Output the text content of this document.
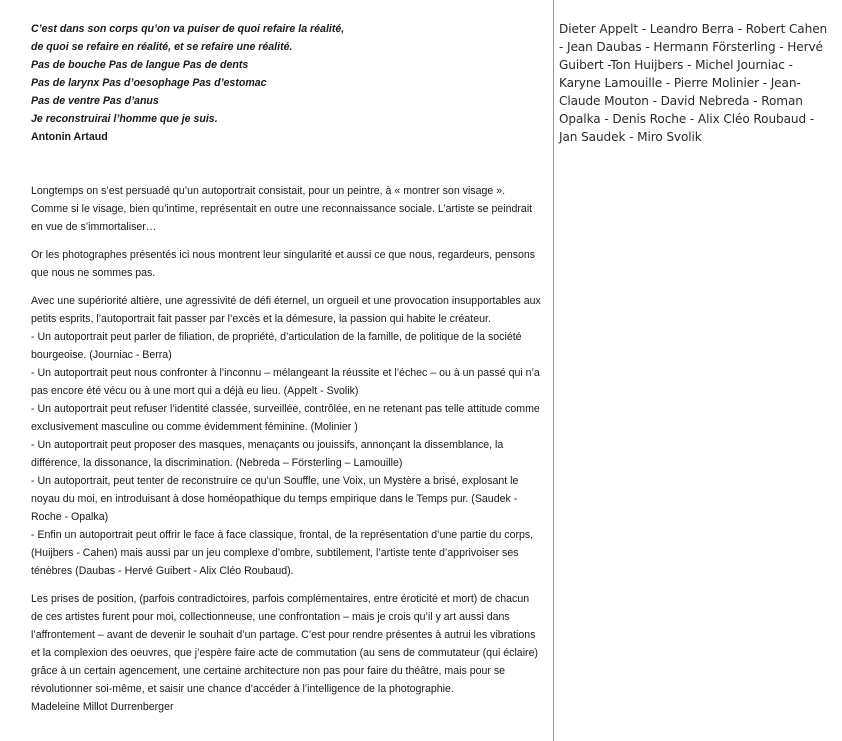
C’est dans son corps qu’on va puiser de quoi refaire la réalité,
de quoi se refaire en réalité, et se refaire une réalité.
Pas de bouche Pas de langue Pas de dents
Pas de larynx Pas d’oesophage Pas d’estomac
Pas de ventre Pas d’anus
Je reconstruirai l’homme que je suis.
Antonin Artaud

Longtemps on s’est persuadé qu’un autoportrait consistait, pour un peintre, à « montrer son visage ». Comme si le visage, bien qu’intime, représentait en outre une reconnaissance sociale. L’artiste se peindrait en vue de s’immortaliser…

Or les photographes présentés ici nous montrent leur singularité et aussi ce que nous, regardeurs, pensons que nous ne sommes pas.

Avec une supériorité altière, une agressivité de défi éternel, un orgueil et une provocation insupportables aux petits esprits, l’autoportrait fait passer par l’excès et la démesure, la passion qui habite le créateur.
- Un autoportrait peut parler de filiation, de propriété, d’articulation de la famille, de politique de la société bourgeoise. (Journiac - Berra)
- Un autoportrait peut nous confronter à l’inconnu – mélangeant la réussite et l’échec – ou à un passé qui n’a pas encore été vécu ou à une mort qui a déjà eu lieu. (Appelt - Svolik)
- Un autoportrait peut refuser l’identité classée, surveillée, contrôlée, en ne retenant pas telle attitude comme exclusivement masculine ou comme évidemment féminine. (Molinier )
- Un autoportrait peut proposer des masques, menaçants ou jouissifs, annonçant la dissemblance, la différence, la dissonance, la discrimination. (Nebreda – Försterling – Lamouille)
- Un autoportrait, peut tenter de reconstruire ce qu’un Souffle, une Voix, un Mystère a brisé, explosant le noyau du moi, en introduisant à dose homéopathique du temps empirique dans le Temps pur. (Saudek - Roche - Opalka)
- Enfin un autoportrait peut offrir le face à face classique, frontal, de la représentation d’une partie du corps, (Huijbers - Cahen) mais aussi par un jeu complexe d’ombre, subtilement, l’artiste tente d’apprivoiser ses ténèbres (Daubas - Hervé Guibert - Alix Cléo Roubaud).

Les prises de position, (parfois contradictoires, parfois complémentaires, entre éroticité et mort) de chacun de ces artistes furent pour moi, collectionneuse, une confrontation – mais je crois qu’il y art aussi dans l’affrontement – avant de devenir le souhait d’un partage. C’est pour rendre présentes à autrui les vibrations et la complexion des oeuvres, que j’espère faire acte de commutation (au sens de commutateur (qui éclaire) grâce à un certain agencement, une certaine architecture non pas pour faire du théâtre, mais pour se révolutionner soi-même, et saisir une chance d’accéder à l’intelligence de la photographie.
Madeleine Millot Durrenberger

Dieter Appelt - Leandro Berra - Robert Cahen - Jean Daubas - Hermann Försterling - Hervé Guibert -Ton Huijbers - Michel Journiac - Karyne Lamouille - Pierre Molinier - Jean-Claude Mouton - David Nebreda - Roman Opalka - Denis Roche - Alix Cléo Roubaud - Jan Saudek - Miro Svolik
